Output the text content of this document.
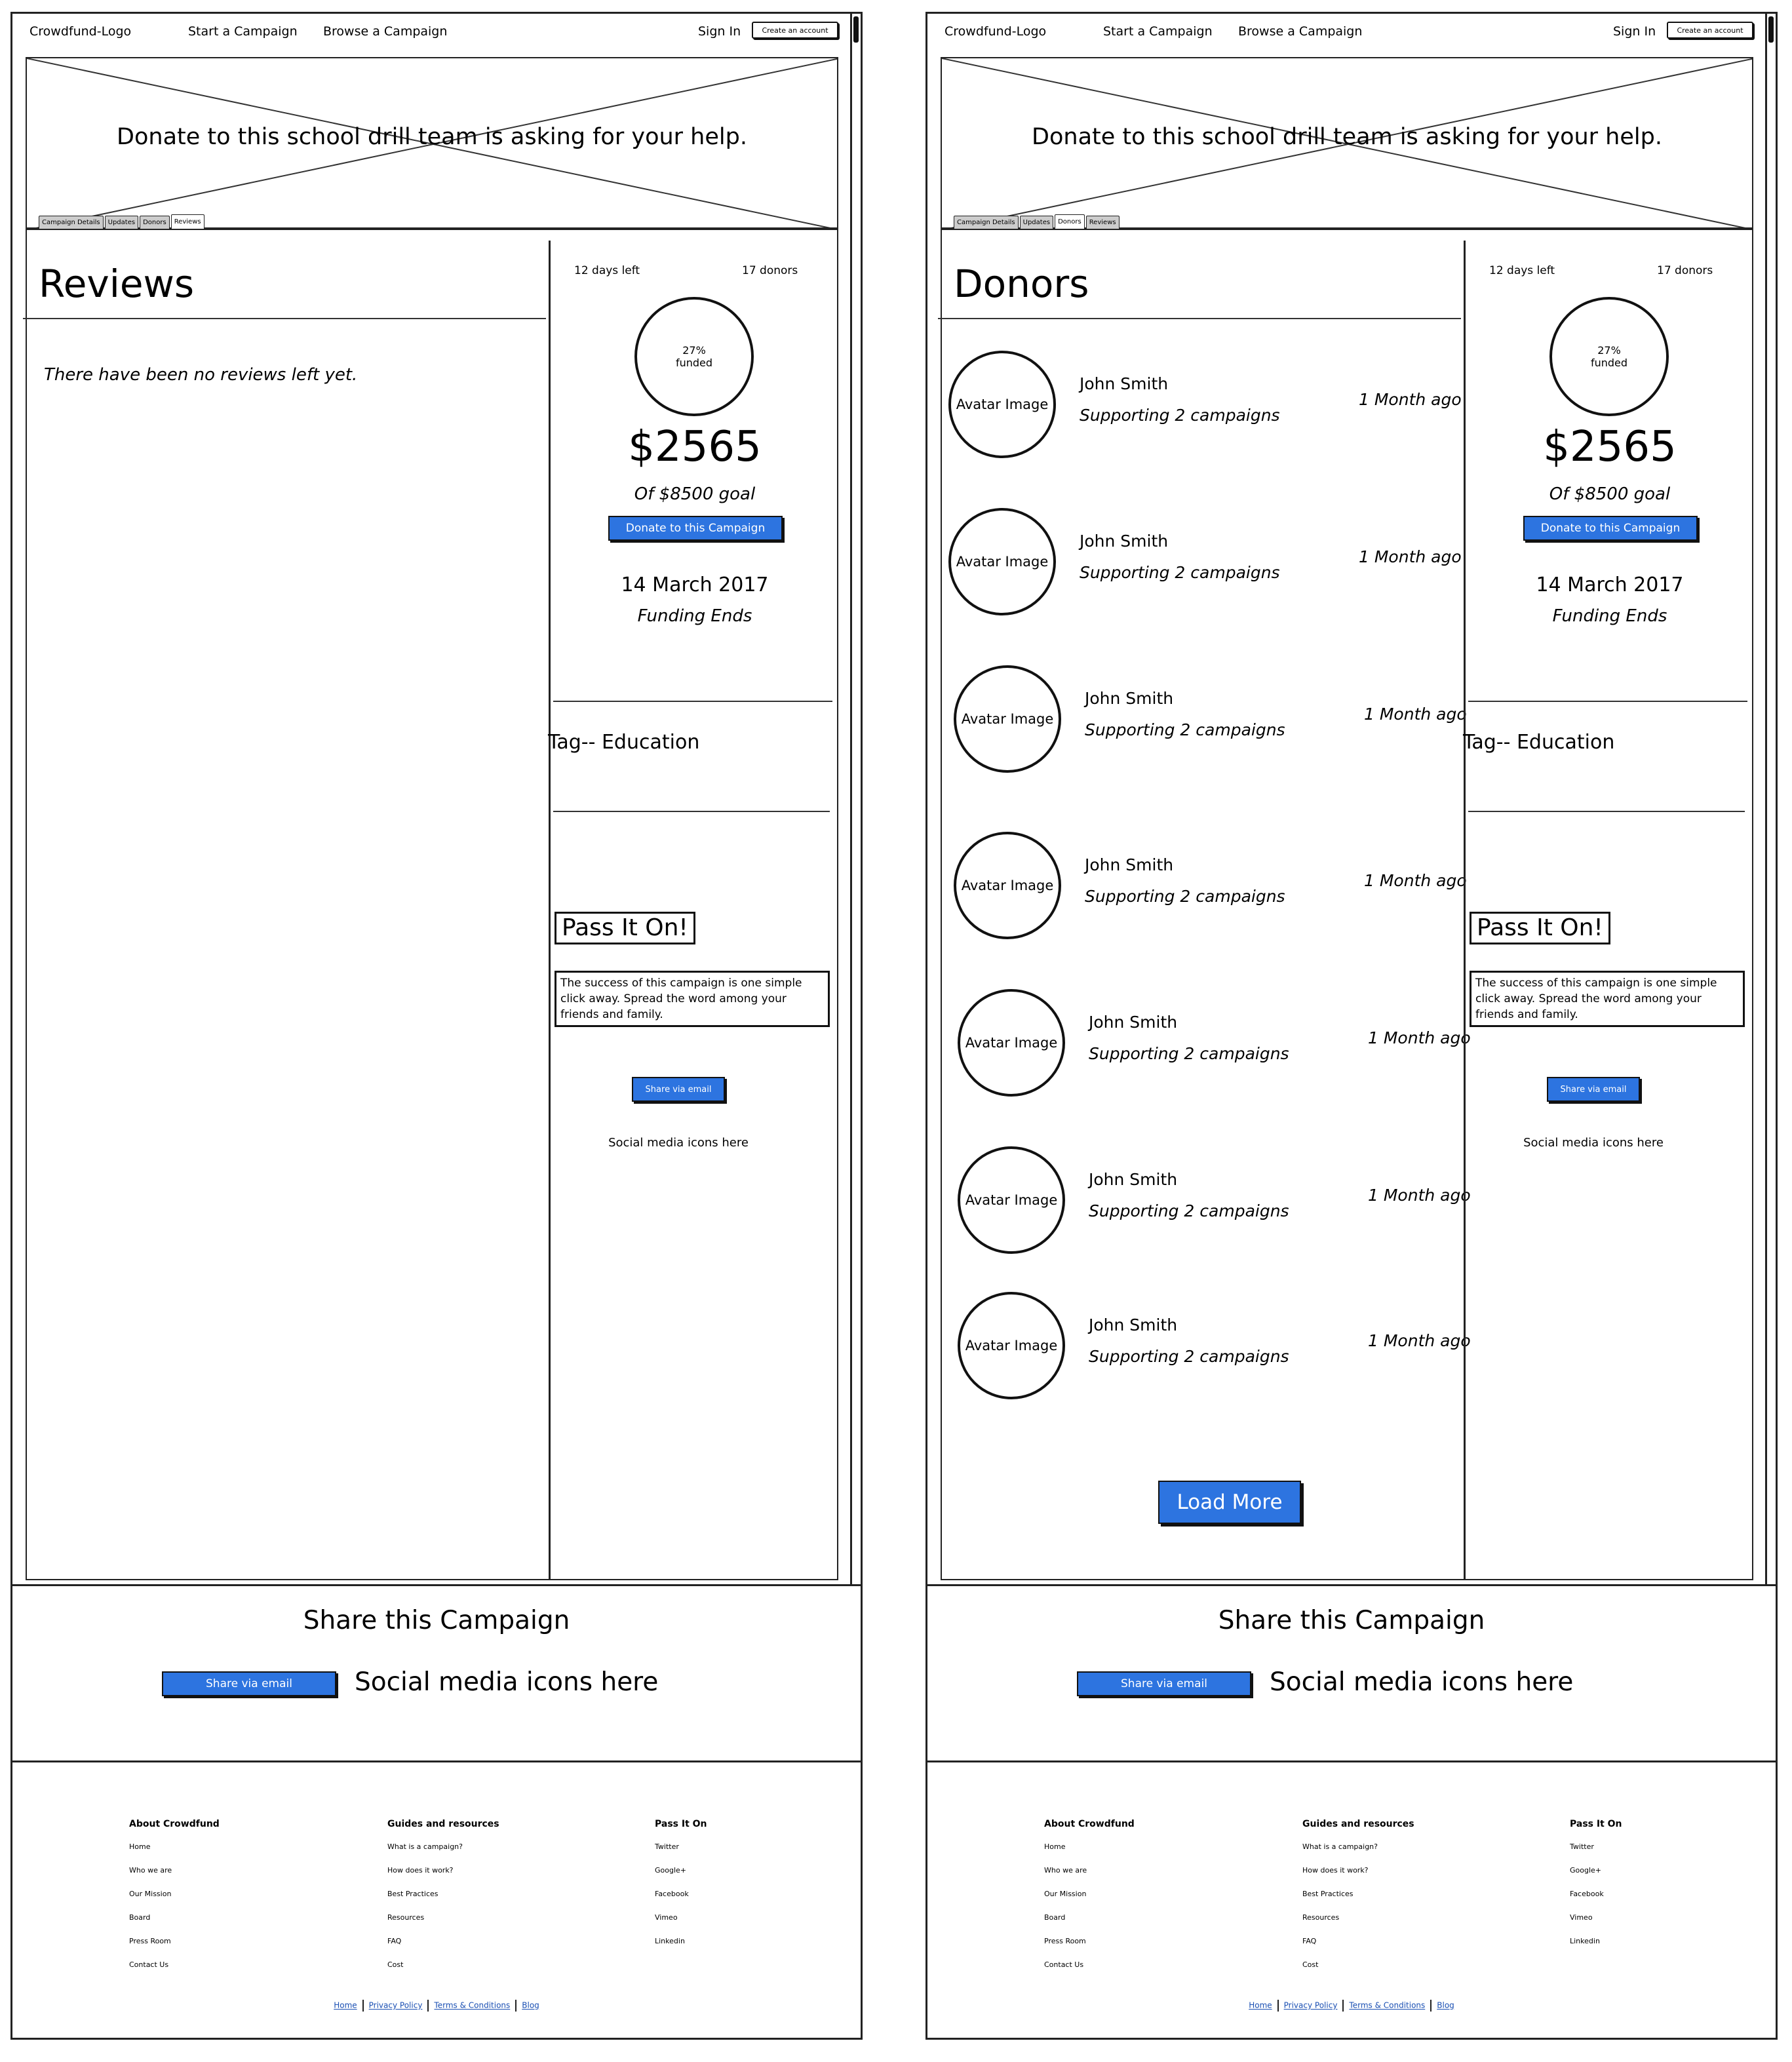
Crowdfund-Logo	Start a Campaign Browse a Campaign	Sign In	Create an account
Donate to this school drill team is asking for your help.
Campaign Details	Updates	Donors	Reviews
Reviews
There have been no reviews left yet.
12 days left	17 donors
27%
funded
$2565
Of $8500 goal
Donate to this Campaign
14 March 2017
Funding Ends
Tag-- Education
Pass It On!
The success of this campaign is one simple click away. Spread the word among your friends and family.
Share via email
Social media icons here
Share this Campaign
Share via email	Social media icons here
About Crowdfund
Home
Who we are
Our Mission
Board
Press Room
Contact Us
Guides and resources
What is a campaign?
How does it work?
Best Practices
Resources
FAQ
Cost
Pass It On
Twitter
Google+
Facebook
Vimeo
Linkedin
Home Privacy Policy Terms & Conditions Blog
Crowdfund-Logo	Start a Campaign Browse a Campaign	Sign In	Create an account
Donate to this school drill team is asking for your help.
Campaign Details	Updates	Donors	Reviews
Donors
Avatar Image
John Smith
Supporting 2 campaigns
1 Month ago
Avatar Image
John Smith
Supporting 2 campaigns
1 Month ago
Avatar Image
John Smith
Supporting 2 campaigns
1 Month ago
Avatar Image
John Smith
Supporting 2 campaigns
1 Month ago
Avatar Image
John Smith
Supporting 2 campaigns
1 Month ago
Avatar Image
John Smith
Supporting 2 campaigns
1 Month ago
Avatar Image
John Smith
Supporting 2 campaigns
1 Month ago
Load More
12 days left	17 donors
27%
funded
$2565
Of $8500 goal
Donate to this Campaign
14 March 2017
Funding Ends
Tag-- Education
Pass It On!
The success of this campaign is one simple click away. Spread the word among your friends and family.
Share via email
Social media icons here
Share this Campaign
Share via email	Social media icons here
About Crowdfund
Home
Who we are
Our Mission
Board
Press Room
Contact Us
Guides and resources
What is a campaign?
How does it work?
Best Practices
Resources
FAQ
Cost
Pass It On
Twitter
Google+
Facebook
Vimeo
Linkedin
Home Privacy Policy Terms & Conditions Blog
